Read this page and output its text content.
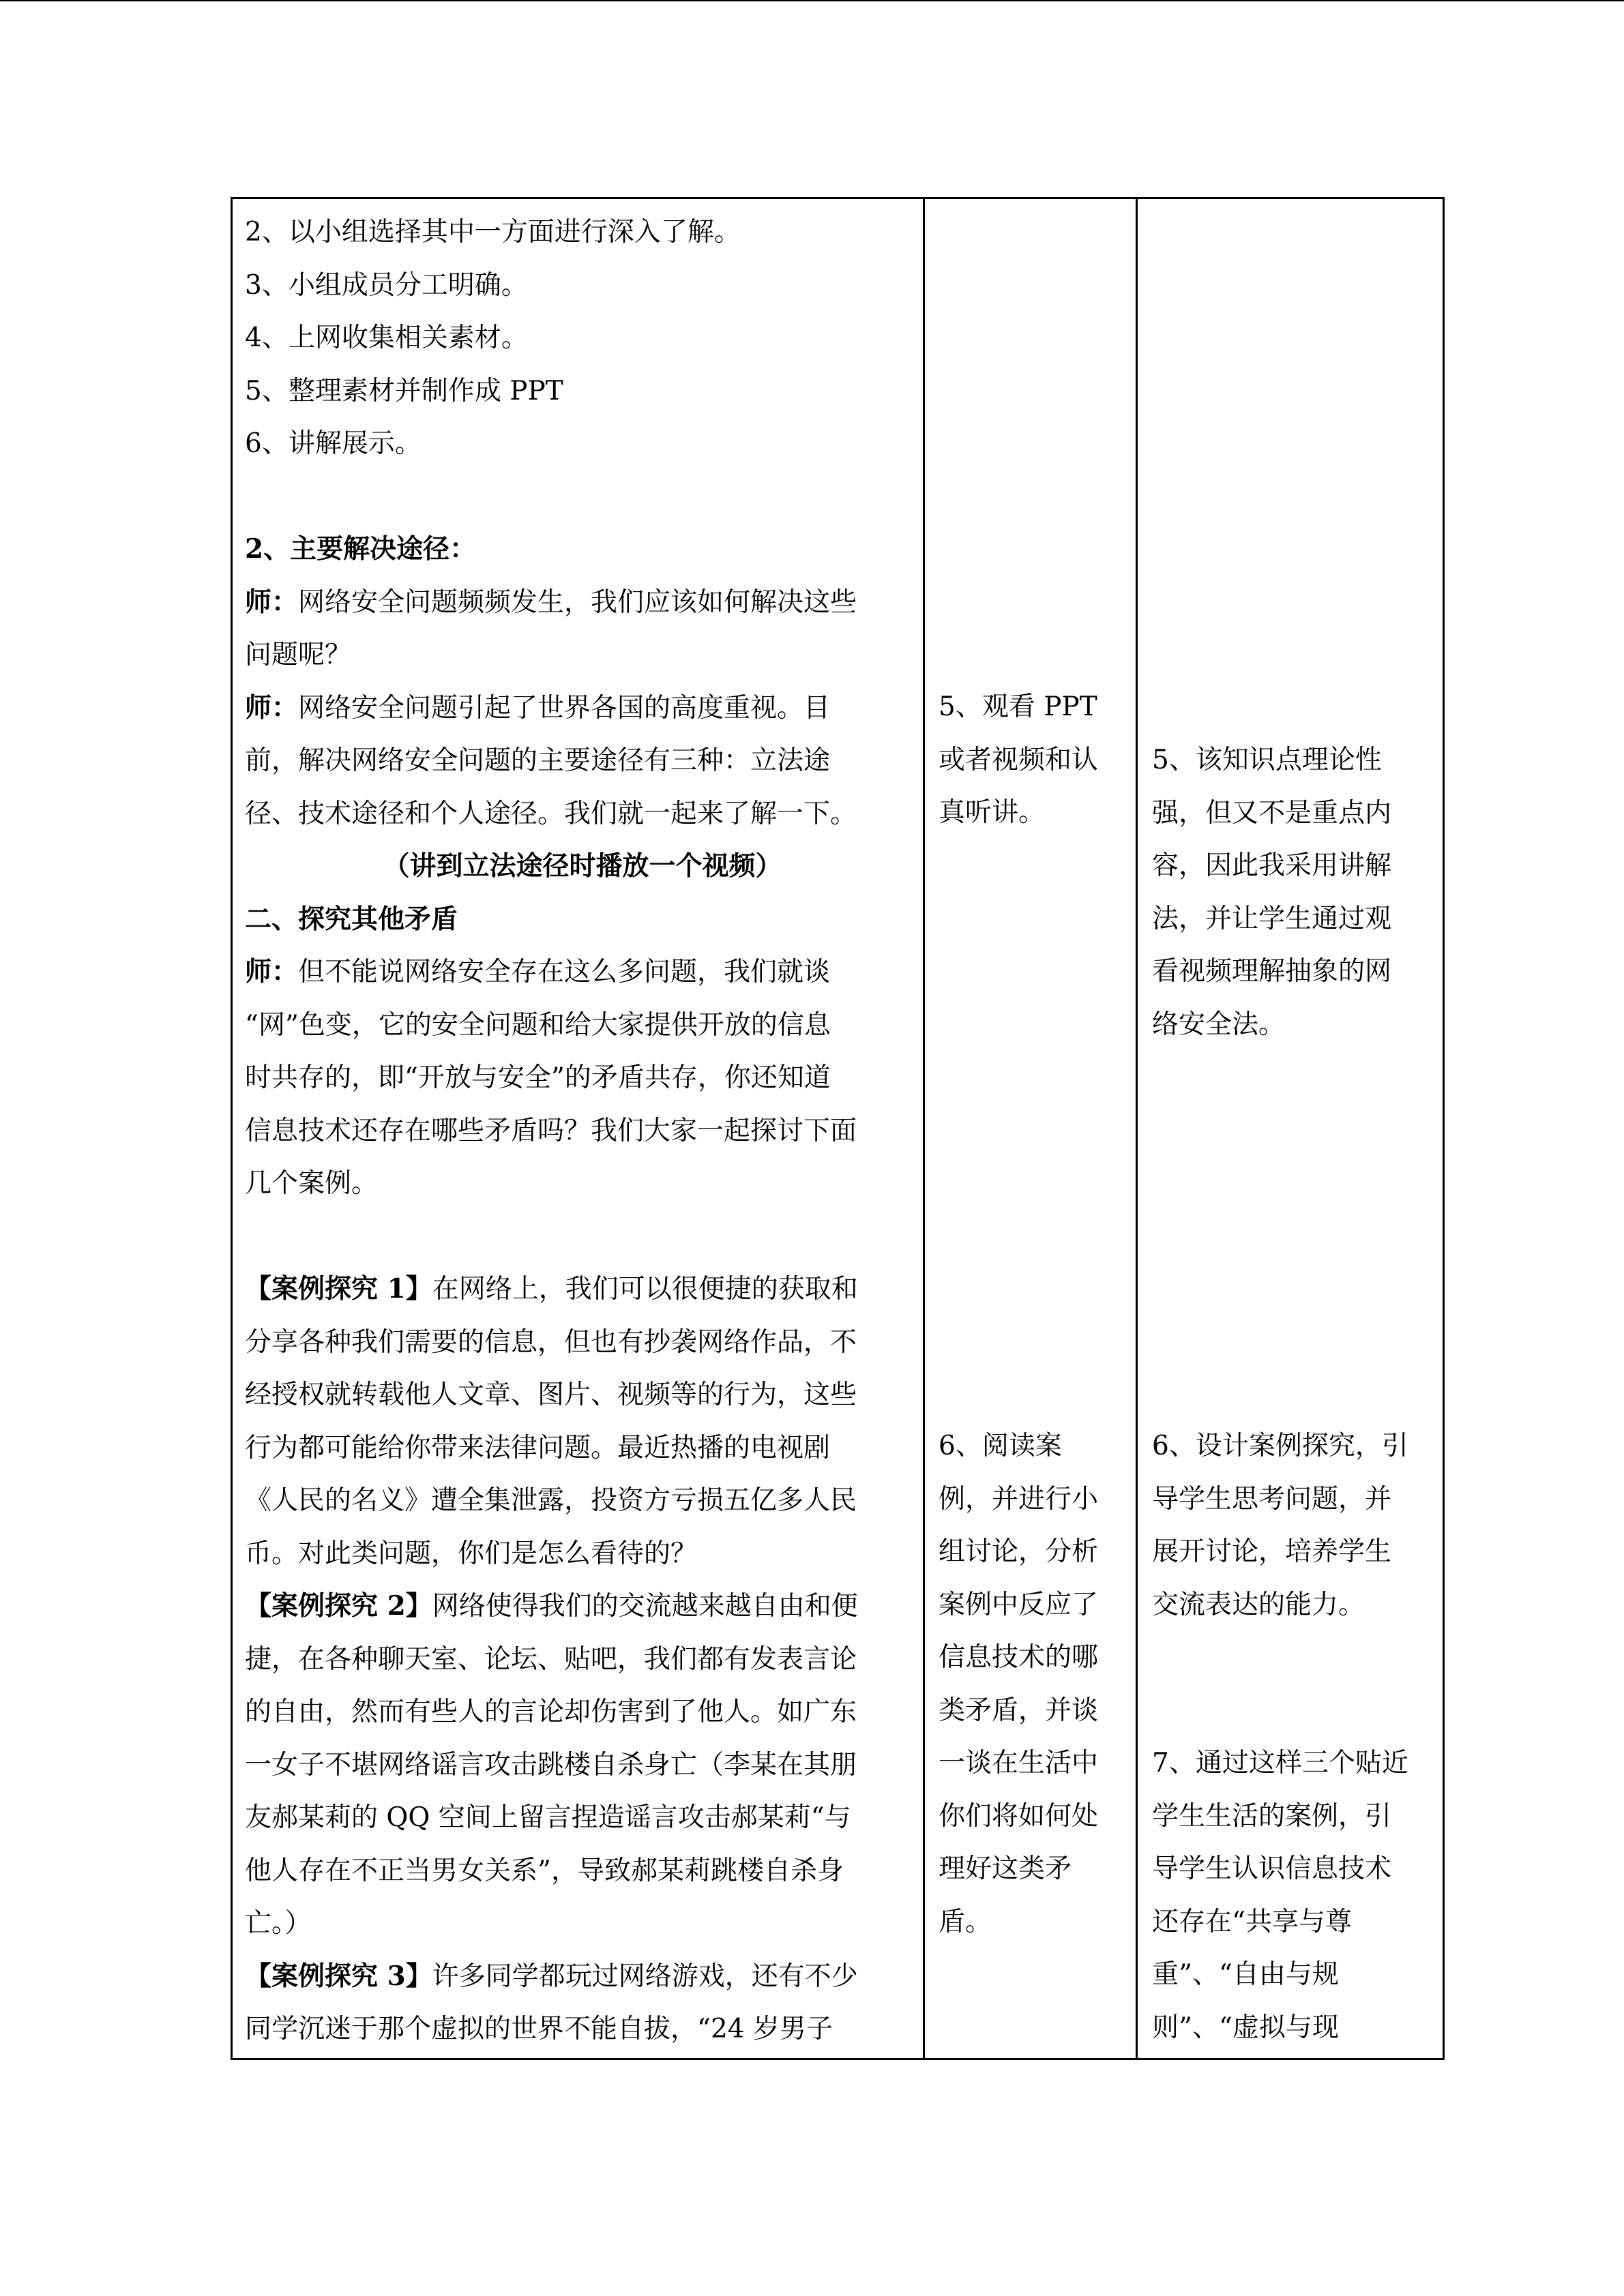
2、以小组选择其中一方面进行深入了解。
3、小组成员分工明确。
4、上网收集相关素材。
5、整理素材并制作成 PPT
6、讲解展示。
2、主要解决途径：
师：网络安全问题频频发生，我们应该如何解决这些
问题呢？
师：网络安全问题引起了世界各国的高度重视。目
前，解决网络安全问题的主要途径有三种：立法途
径、技术途径和个人途径。我们就一起来了解一下。
（讲到立法途径时播放一个视频）
二、探究其他矛盾
师：但不能说网络安全存在这么多问题，我们就谈
“网”色变，它的安全问题和给大家提供开放的信息
时共存的，即“开放与安全”的矛盾共存，你还知道
信息技术还存在哪些矛盾吗？我们大家一起探讨下面
几个案例。
【案例探究 1】在网络上，我们可以很便捷的获取和
分享各种我们需要的信息，但也有抄袭网络作品，不
经授权就转载他人文章、图片、视频等的行为，这些
行为都可能给你带来法律问题。最近热播的电视剧
《人民的名义》遭全集泄露，投资方亏损五亿多人民
币。对此类问题，你们是怎么看待的？
【案例探究 2】网络使得我们的交流越来越自由和便
捷，在各种聊天室、论坛、贴吧，我们都有发表言论
的自由，然而有些人的言论却伤害到了他人。如广东
一女子不堪网络谣言攻击跳楼自杀身亡（李某在其朋
友郝某莉的 QQ 空间上留言捏造谣言攻击郝某莉“与
他人存在不正当男女关系”，导致郝某莉跳楼自杀身
亡。）
【案例探究 3】许多同学都玩过网络游戏，还有不少
同学沉迷于那个虚拟的世界不能自拔，“24 岁男子
5、观看 PPT
或者视频和认
真听讲。
6、阅读案
例，并进行小
组讨论，分析
案例中反应了
信息技术的哪
类矛盾，并谈
一谈在生活中
你们将如何处
理好这类矛
盾。
5、该知识点理论性
强，但又不是重点内
容，因此我采用讲解
法，并让学生通过观
看视频理解抽象的网
络安全法。
6、设计案例探究，引
导学生思考问题，并
展开讨论，培养学生
交流表达的能力。
7、通过这样三个贴近
学生生活的案例，引
导学生认识信息技术
还存在“共享与尊
重”、“自由与规
则”、“虚拟与现
